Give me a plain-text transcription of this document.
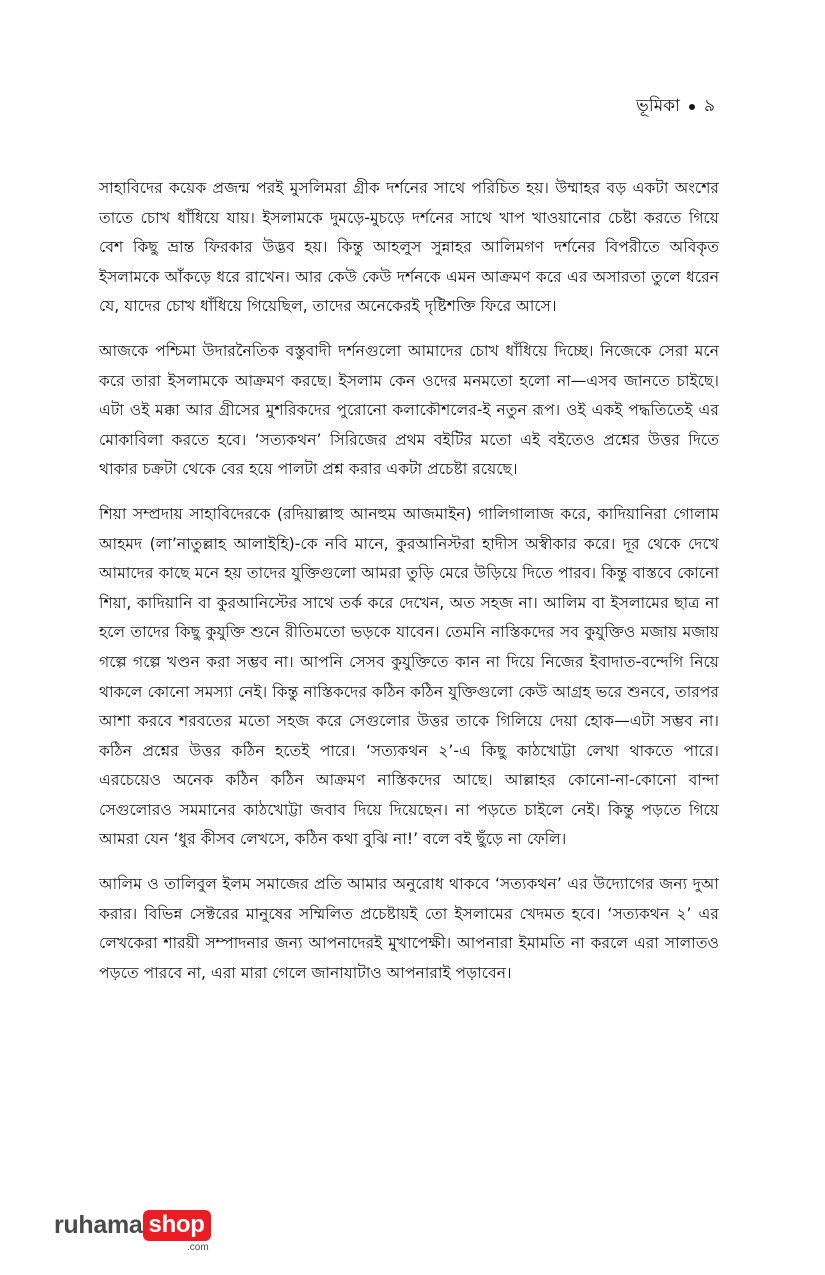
ভূমিকা ৯

সাহাবিদের কয়েক প্রজন্ম পরই মুসলিমরা গ্রীক দর্শনের সাথে পরিচিত হয়। উম্মাহর বড় একটা অংশের তাতে চোখ ধাঁধিয়ে যায়। ইসলামকে দুমড়ে-মুচড়ে দর্শনের সাথে খাপ খাওয়ানোর চেষ্টা করতে গিয়ে বেশ কিছু ভ্রান্ত ফিরকার উদ্ভব হয়। কিন্তু আহলুস সুন্নাহর আলিমগণ দর্শনের বিপরীতে অবিকৃত ইসলামকে আঁকড়ে ধরে রাখেন। আর কেউ কেউ দর্শনকে এমন আক্রমণ করে এর অসারতা তুলে ধরেন যে, যাদের চোখ ধাঁধিয়ে গিয়েছিল, তাদের অনেকেরই দৃষ্টিশক্তি ফিরে আসে।

আজকে পশ্চিমা উদারনৈতিক বস্তুবাদী দর্শনগুলো আমাদের চোখ ধাঁধিয়ে দিচ্ছে। নিজেকে সেরা মনে করে তারা ইসলামকে আক্রমণ করছে। ইসলাম কেন ওদের মনমতো হলো না—এসব জানতে চাইছে। এটা ওই মক্কা আর গ্রীসের মুশরিকদের পুরোনো কলাকৌশলের-ই নতুন রূপ। ওই একই পদ্ধতিতেই এর মোকাবিলা করতে হবে। ‘সত্যকথন’ সিরিজের প্রথম বইটির মতো এই বইতেও প্রশ্নের উত্তর দিতে থাকার চক্রটা থেকে বের হয়ে পালটা প্রশ্ন করার একটা প্রচেষ্টা রয়েছে।

শিয়া সম্প্রদায় সাহাবিদেরকে (রদিয়াল্লাহু আনহুম আজমাইন) গালিগালাজ করে, কাদিয়ানিরা গোলাম আহমদ (লা’নাতুল্লাহ আলাইহি)-কে নবি মানে, কুরআনিস্টরা হাদীস অস্বীকার করে। দূর থেকে দেখে আমাদের কাছে মনে হয় তাদের যুক্তিগুলো আমরা তুড়ি মেরে উড়িয়ে দিতে পারব। কিন্তু বাস্তবে কোনো শিয়া, কাদিয়ানি বা কুরআনিস্টের সাথে তর্ক করে দেখেন, অত সহজ না। আলিম বা ইসলামের ছাত্র না হলে তাদের কিছু কুযুক্তি শুনে রীতিমতো ভড়কে যাবেন। তেমনি নাস্তিকদের সব কুযুক্তিও মজায় মজায় গল্পে গল্পে খণ্ডন করা সম্ভব না। আপনি সেসব কুযুক্তিতে কান না দিয়ে নিজের ইবাদাত-বন্দেগি নিয়ে থাকলে কোনো সমস্যা নেই। কিন্তু নাস্তিকদের কঠিন কঠিন যুক্তিগুলো কেউ আগ্রহ ভরে শুনবে, তারপর আশা করবে শরবতের মতো সহজ করে সেগুলোর উত্তর তাকে গিলিয়ে দেয়া হোক—এটা সম্ভব না। কঠিন প্রশ্নের উত্তর কঠিন হতেই পারে। ‘সত্যকথন ২’-এ কিছু কাঠখোট্টা লেখা থাকতে পারে। এরচেয়েও অনেক কঠিন কঠিন আক্রমণ নাস্তিকদের আছে। আল্লাহর কোনো-না-কোনো বান্দা সেগুলোরও সমমানের কাঠখোট্টা জবাব দিয়ে দিয়েছেন। না পড়তে চাইলে নেই। কিন্তু পড়তে গিয়ে আমরা যেন ‘ধুর কীসব লেখসে, কঠিন কথা বুঝি না!’ বলে বই ছুঁড়ে না ফেলি।

আলিম ও তালিবুল ইলম সমাজের প্রতি আমার অনুরোধ থাকবে ‘সত্যকথন’ এর উদ্যোগের জন্য দুআ করার। বিভিন্ন সেক্টরের মানুষের সম্মিলিত প্রচেষ্টায়ই তো ইসলামের খেদমত হবে। ‘সত্যকথন ২’ এর লেখকেরা শারয়ী সম্পাদনার জন্য আপনাদেরই মুখাপেক্ষী। আপনারা ইমামতি না করলে এরা সালাতও পড়তে পারবে না, এরা মারা গেলে জানাযাটাও আপনারাই পড়াবেন।

ruhama shop
.com
